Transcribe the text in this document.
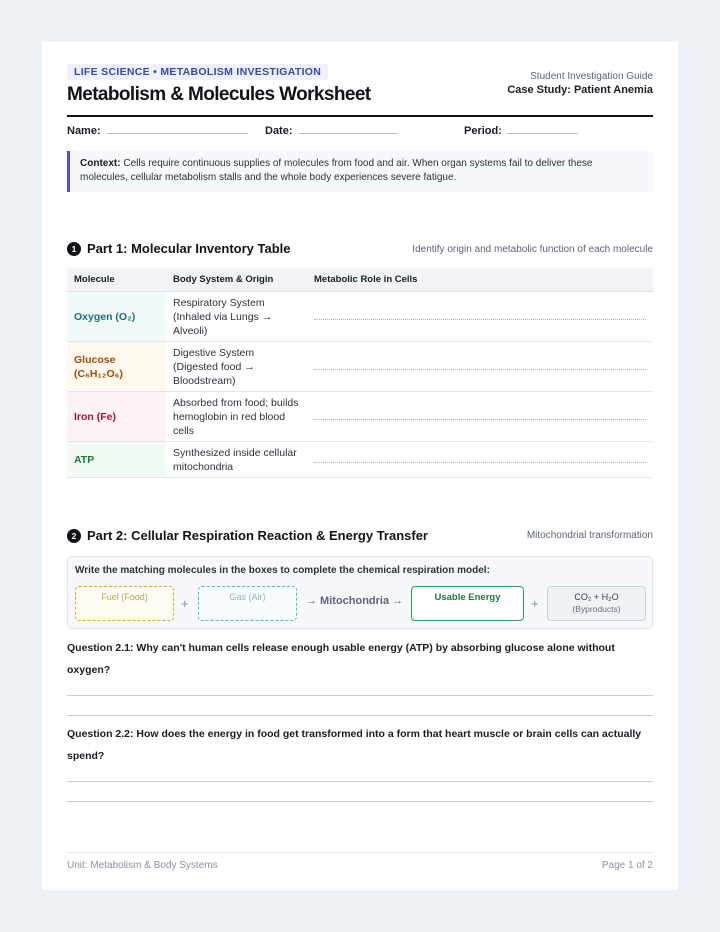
LIFE SCIENCE • METABOLISM INVESTIGATION
Metabolism & Molecules Worksheet
Student Investigation Guide
Case Study: Patient Anemia
Name:	Date:	Period:
Context: Cells require continuous supplies of molecules from food and air. When organ systems fail to deliver these molecules, cellular metabolism stalls and the whole body experiences severe fatigue.
1 Part 1: Molecular Inventory Table	Identify origin and metabolic function of each molecule
Molecule	Body System & Origin	Metabolic Role in Cells
Oxygen (O₂)	Respiratory System (Inhaled via Lungs → Alveoli)	

Glucose (C₆H₁₂O₆)	Digestive System (Digested food → Bloodstream)	

Iron (Fe)	Absorbed from food; builds hemoglobin in red blood cells	

ATP	Synthesized inside cellular mitochondria	
2 Part 2: Cellular Respiration Reaction & Energy Transfer	Mitochondrial transformation
Write the matching molecules in the boxes to complete the chemical respiration model:
Fuel (Food)	+	Gas (Air)	→ Mitochondria →	Usable Energy	+	CO₂ + H₂O
(Byproducts)
Question 2.1: Why can't human cells release enough usable energy (ATP) by absorbing glucose alone without oxygen?
Question 2.2: How does the energy in food get transformed into a form that heart muscle or brain cells can actually spend?
Unit: Metabolism & Body Systems	Page 1 of 2
